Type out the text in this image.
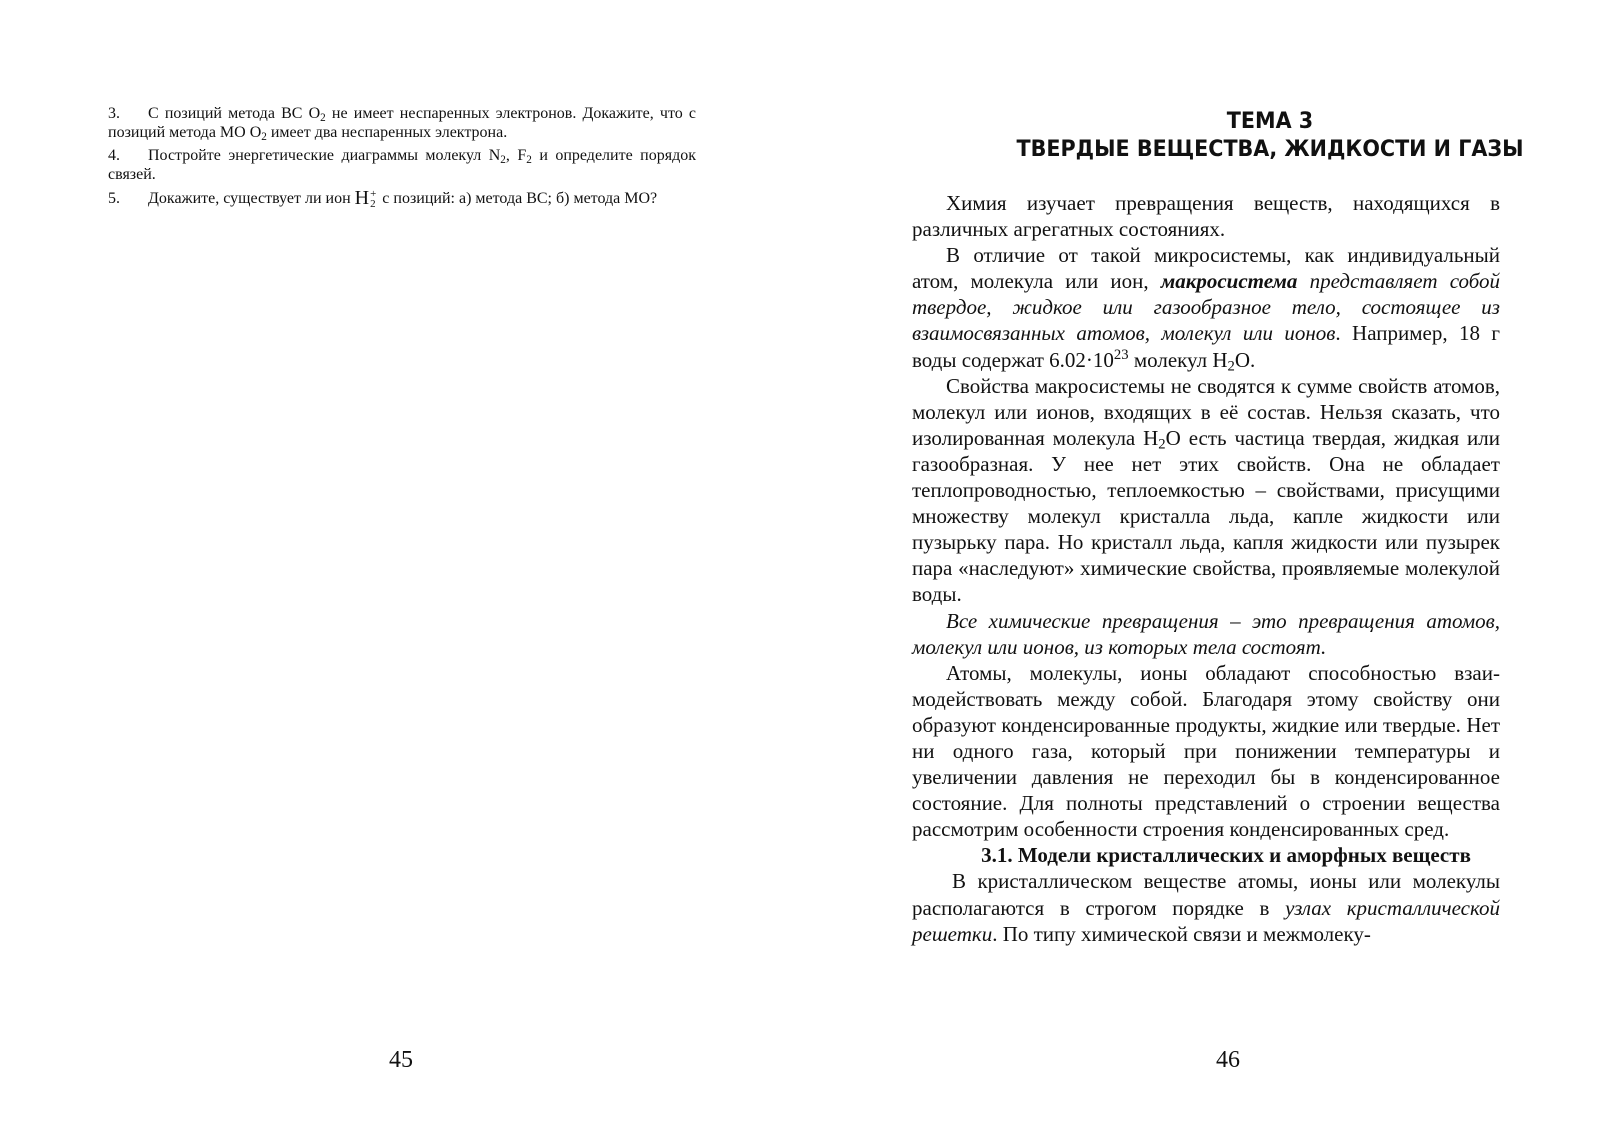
3. С позиций метода ВС $O_2$ не имеет неспаренных электронов. Докажите, что с позиций метода МО $O_2$ имеет два неспаренных электрона.
4. Постройте энергетические диаграммы молекул $N_2$, $F_2$ и определите порядок связей.
5. Докажите, существует ли ион H +
2 с позиций: а) метода ВС; б) метода МО?
45
ТЕМА 3
ТВЕРДЫЕ ВЕЩЕСТВА, ЖИДКОСТИ И ГАЗЫ

Химия изучает превращения веществ, находящихся в различных агрегатных состояниях.

В отличие от такой микросистемы, как индивидуальный атом, молекула или ион, макросистема представляет собой твердое, жидкое или газообразное тело, состоящее из взаимосвязанных атомов, молекул или ионов. Например, 18 г воды содержат $6.02\cdot 10^{23}$ молекул $H_2O$.

Свойства макросистемы не сводятся к сумме свойств атомов, молекул или ионов, входящих в её состав. Нельзя сказать, что изолированная молекула $H_2O$ есть частица твердая, жидкая или газообразная. У нее нет этих свойств. Она не обладает теплопроводностью, теплоемкостью – свойствами, присущими множеству молекул кристалла льда, капле жидкости или пузырьку пара. Но кристалл льда, капля жидкости или пузырек пара «наследуют» химические свойства, проявляемые молекулой воды.

Все химические превращения – это превращения атомов, молекул или ионов, из которых тела состоят.

Атомы, молекулы, ионы обладают способностью взаимодействовать между собой. Благодаря этому свойству они образуют конденсированные продукты, жидкие или твердые. Нет ни одного газа, который при понижении температуры и увеличении давления не переходил бы в конденсированное состояние. Для полноты представлений о строении вещества рассмотрим особенности строения конденсированных сред.

3.1. Модели кристаллических и аморфных веществ

В кристаллическом веществе атомы, ионы или молекулы располагаются в строгом порядке в узлах кристаллической решетки. По типу химической связи и межмолеку-

46
